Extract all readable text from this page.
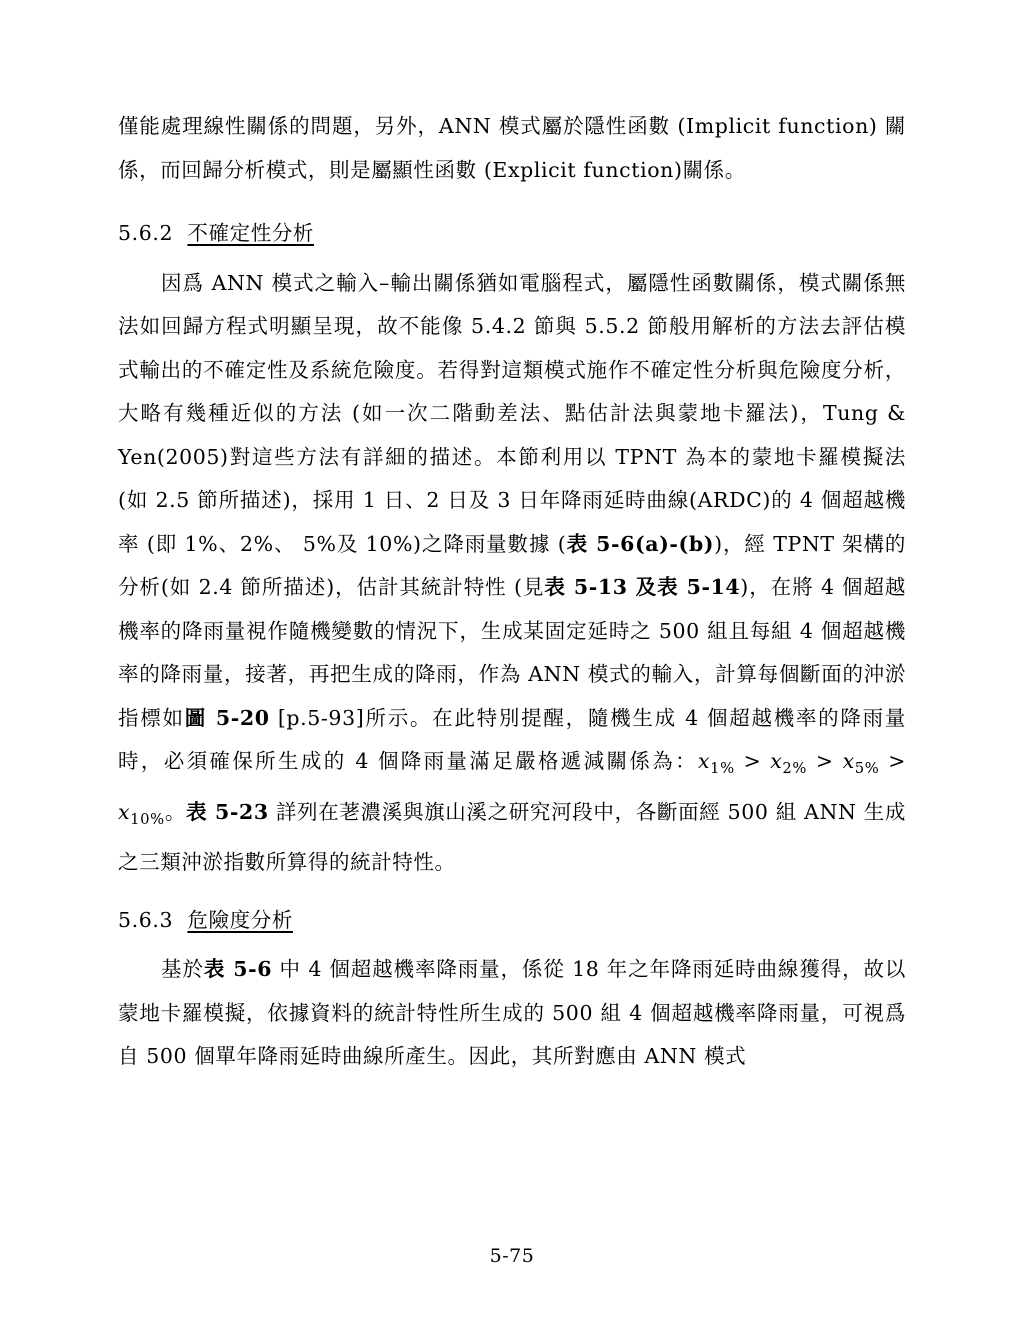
僅能處理線性關係的問題，另外，ANN 模式屬於隱性函數 (Implicit function) 關係，而回歸分析模式，則是屬顯性函數 (Explicit function)關係。

5.6.2 不確定性分析

因爲 ANN 模式之輸入–輸出關係猶如電腦程式，屬隱性函數關係，模式關係無法如回歸方程式明顯呈現，故不能像 5.4.2 節與 5.5.2 節般用解析的方法去評估模式輸出的不確定性及系統危險度。若得對這類模式施作不確定性分析與危險度分析，大略有幾種近似的方法 (如一次二階動差法、點估計法與蒙地卡羅法)，Tung & Yen(2005)對這些方法有詳細的描述。本節利用以 TPNT 為本的蒙地卡羅模擬法 (如 2.5 節所描述)，採用 1 日、2 日及 3 日年降雨延時曲線(ARDC)的 4 個超越機率 (即 1%、2%、 5%及 10%)之降雨量數據 (表 5-6(a)-(b))，經 TPNT 架構的分析(如 2.4 節所描述)，估計其統計特性 (見表 5-13 及表 5-14)，在將 4 個超越機率的降雨量視作隨機變數的情況下，生成某固定延時之 500 組且每組 4 個超越機率的降雨量，接著，再把生成的降雨，作為 ANN 模式的輸入，計算每個斷面的沖淤指標如圖 5-20 [p.5-93]所示。在此特別提醒，隨機生成 4 個超越機率的降雨量時，必須確保所生成的 4 個降雨量滿足嚴格遞減關係為：$x_{1\%} > x_{2\%} > x_{5\%} > x_{10\%}$。表 5-23 詳列在荖濃溪與旗山溪之研究河段中，各斷面經 500 組 ANN 生成之三類沖淤指數所算得的統計特性。

5.6.3 危險度分析

基於表 5-6 中 4 個超越機率降雨量，係從 18 年之年降雨延時曲線獲得，故以蒙地卡羅模擬，依據資料的統計特性所生成的 500 組 4 個超越機率降雨量，可視爲自 500 個單年降雨延時曲線所產生。因此，其所對應由 ANN 模式

5-75
